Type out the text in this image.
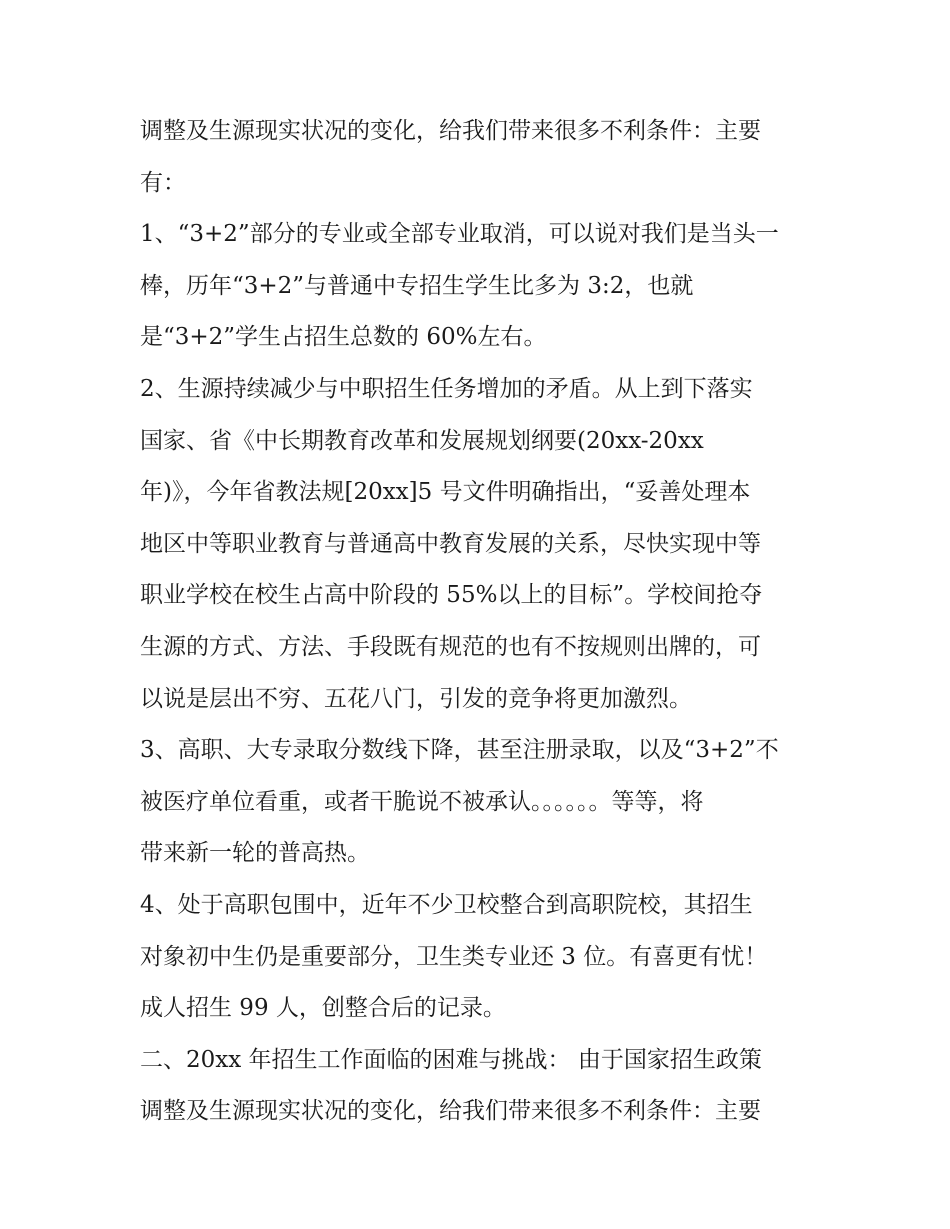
调整及生源现实状况的变化，给我们带来很多不利条件：主要
有：
1、“3+2”部分的专业或全部专业取消，可以说对我们是当头一
棒，历年“3+2”与普通中专招生学生比多为 3:2，也就
是“3+2”学生占招生总数的 60%左右。
2、生源持续减少与中职招生任务增加的矛盾。从上到下落实
国家、省《中长期教育改革和发展规划纲要(20xx-20xx
年)》，今年省教法规[20xx]5 号文件明确指出，“妥善处理本
地区中等职业教育与普通高中教育发展的关系，尽快实现中等
职业学校在校生占高中阶段的 55%以上的目标”。学校间抢夺
生源的方式、方法、手段既有规范的也有不按规则出牌的，可
以说是层出不穷、五花八门，引发的竞争将更加激烈。
3、高职、大专录取分数线下降，甚至注册录取，以及“3+2”不
被医疗单位看重，或者干脆说不被承认。。。。。。等等，将
带来新一轮的普高热。
4、处于高职包围中，近年不少卫校整合到高职院校，其招生
对象初中生仍是重要部分，卫生类专业还 3 位。有喜更有忧！
成人招生 99 人，创整合后的记录。
二、20xx 年招生工作面临的困难与挑战： 由于国家招生政策
调整及生源现实状况的变化，给我们带来很多不利条件：主要
